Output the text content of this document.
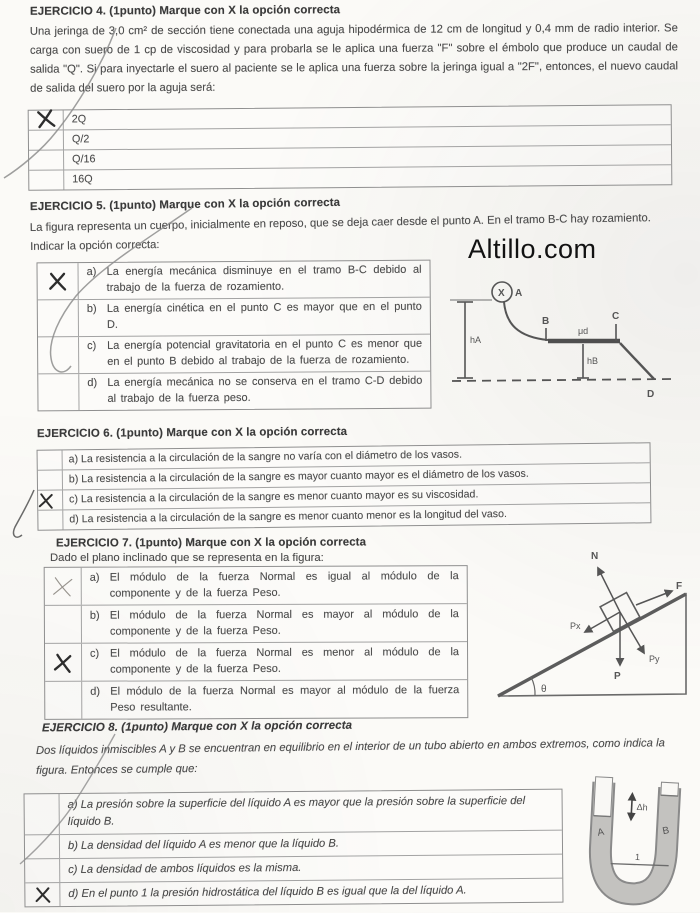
EJERCICIO 4. (1punto) Marque con X la opción correcta
Una jeringa de 3,0 cm² de sección tiene conectada una aguja hipodérmica de 12 cm de longitud y 0,4 mm de radio interior. Se carga con suero de 1 cp de viscosidad y para probarla se le aplica una fuerza "F" sobre el émbolo que produce un caudal de salida "Q". Si para inyectarle el suero al paciente se le aplica una fuerza sobre la jeringa igual a "2F", entonces, el nuevo caudal de salida del suero por la aguja será:
2Q
Q/2
Q/16
16Q
EJERCICIO 5. (1punto) Marque con X la opción correcta
La figura representa un cuerpo, inicialmente en reposo, que se deja caer desde el punto A. En el tramo B-C hay rozamiento. Indicar la opción correcta:	Altillo.com
a) La energía mecánica disminuye en el tramo B-C debido al trabajo de la fuerza de rozamiento.
b) La energía cinética en el punto C es mayor que en el punto D.
c) La energía potencial gravitatoria en el punto C es menor que en el punto B debido al trabajo de la fuerza de rozamiento.
d) La energía mecánica no se conserva en el tramo C-D debido al trabajo de la fuerza peso.
hA
X A
B	C
μd
hB
D
EJERCICIO 6. (1punto) Marque con X la opción correcta
a) La resistencia a la circulación de la sangre no varía con el diámetro de los vasos.
b) La resistencia a la circulación de la sangre es mayor cuanto mayor es el diámetro de los vasos.
c) La resistencia a la circulación de la sangre es menor cuanto mayor es su viscosidad.
d) La resistencia a la circulación de la sangre es menor cuanto menor es la longitud del vaso.
EJERCICIO 7. (1punto) Marque con X la opción correcta
Dado el plano inclinado que se representa en la figura:
a) El módulo de la fuerza Normal es igual al módulo de la componente y de la fuerza Peso.
b) El módulo de la fuerza Normal es mayor al módulo de la componente y de la fuerza Peso.
c) El módulo de la fuerza Normal es menor al módulo de la componente y de la fuerza Peso.
d) El módulo de la fuerza Normal es mayor al módulo de la fuerza Peso resultante.
θ
N
F
Px
P
Py
EJERCICIO 8. (1punto) Marque con X la opción correcta
Dos líquidos inmiscibles A y B se encuentran en equilibrio en el interior de un tubo abierto en ambos extremos, como indica la figura. Entonces se cumple que:
a) La presión sobre la superficie del líquido A es mayor que la presión sobre la superficie del líquido B.
b) La densidad del líquido A es menor que la líquido B.
c) La densidad de ambos líquidos es la misma.
d) En el punto 1 la presión hidrostática del líquido B es igual que la del líquido A.
A	B
Δh
1
